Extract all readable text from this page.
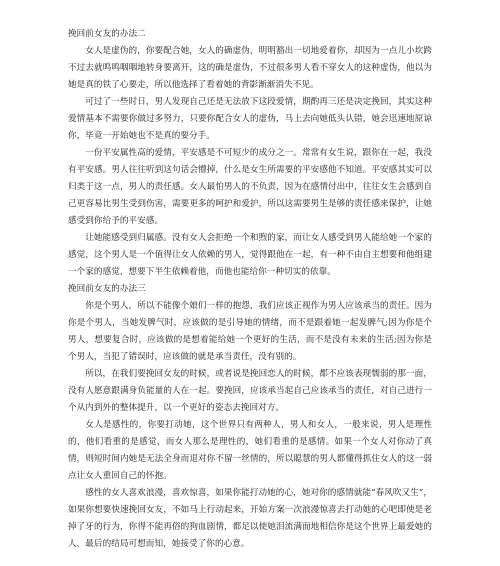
挽回前女友的办法二

女人是虚伪的，你要配合她，女人的确虚伪，明明豁出一切地爱着你，却因为一点儿小坎跨不过去就鸣鸣咽咽地转身要离开，这的确是虚伪，不过很多男人看不穿女人的这种虚伪，他以为她是真的铁了心要走，所以他选择了看着她的背影渐渐消失不见。

可过了一些时日，男人发现自己还是无法放下这段爱情，期酌再三还是决定挽回，其实这种爱情基本不需要你做过多努力，只要你配合女人的虚伪，马上去向她低头认错，她会迅速地原谅你，毕竟一开始她也不是真的要分手。

一份平安属性高的爱情，平安感是不可短少的成分之一。常常有女生说，跟你在一起，我没有平安感。男人往往听到这句话会懵掉，什么是女生所需要的平安感他不知道。平安感其实可以归类于这一点，男人的责任感。女人最怕男人的不负责，因为在感情付出中，往往女生会感到自己更容易比男生受到伤害，需要更多的呵护和爱护，所以这需要男生是够的责任感来保护，让她感受到你给予的平安感。

让她能感受到归属感。没有女人会拒绝一个和煦的家，而让女人感受到男人能给她一个家的感觉，这个男人是一个值得让女人依赖的男人，觉得跟他在一起，有一种不由自主想要和他组建一个家的感觉，想要下半生依赖着他，而他也能给你一种切实的依靠。

挽回前女友的办法三

你是个男人，所以不能像个娘们一样的抱怨，我们应该正视作为男人应该承当的责任。因为你是个男人，当她发脾气时，应该做的是引导她的情绪，而不是跟着她一起发脾气;因为你是个男人，想要复合时，应该做的是想着能给她一个更好的生活，而不是没有未来的生活;因为你是个男人，当犯了错误时，应该做的就是承当责任，没有别的。

所以，在我们要挽回女友的时候，或者说是挽回恋人的时候，都不应该表现懦弱的那一面，没有人愿意跟满身负能量的人在一起。要挽回，应该承当起自己应该承当的责任，对自己进行一个从内到外的整体提升，以一个更好的姿态去挽回对方。

女人是感性的，你要打动她，这个世界只有两种人，男人和女人，一般来说，男人是理性的，他们看重的是感觉，而女人那么是理性的，她们看重的是感情。如果一个女人对你动了真情，则短时间内她是无法全身而退对你不留一丝情的，所以聪慧的男人都懂得抓住女人的这一弱点让女人重回自己的怀抱。

感性的女人喜欢浪漫，喜欢惊喜，如果你能打动她的心，她对你的感情就能“春风吹又生”，如果你想要快速挽回女友，不如马上行动起来，开始方案一次浪漫惊喜去打动她的心吧即使是老掉了牙的行为，你得不能再俗的狗血剧情，都足以使她泪流满面地相信你是这个世界上最爱她的人，最后的结局可想而知，她接受了你的心意。
